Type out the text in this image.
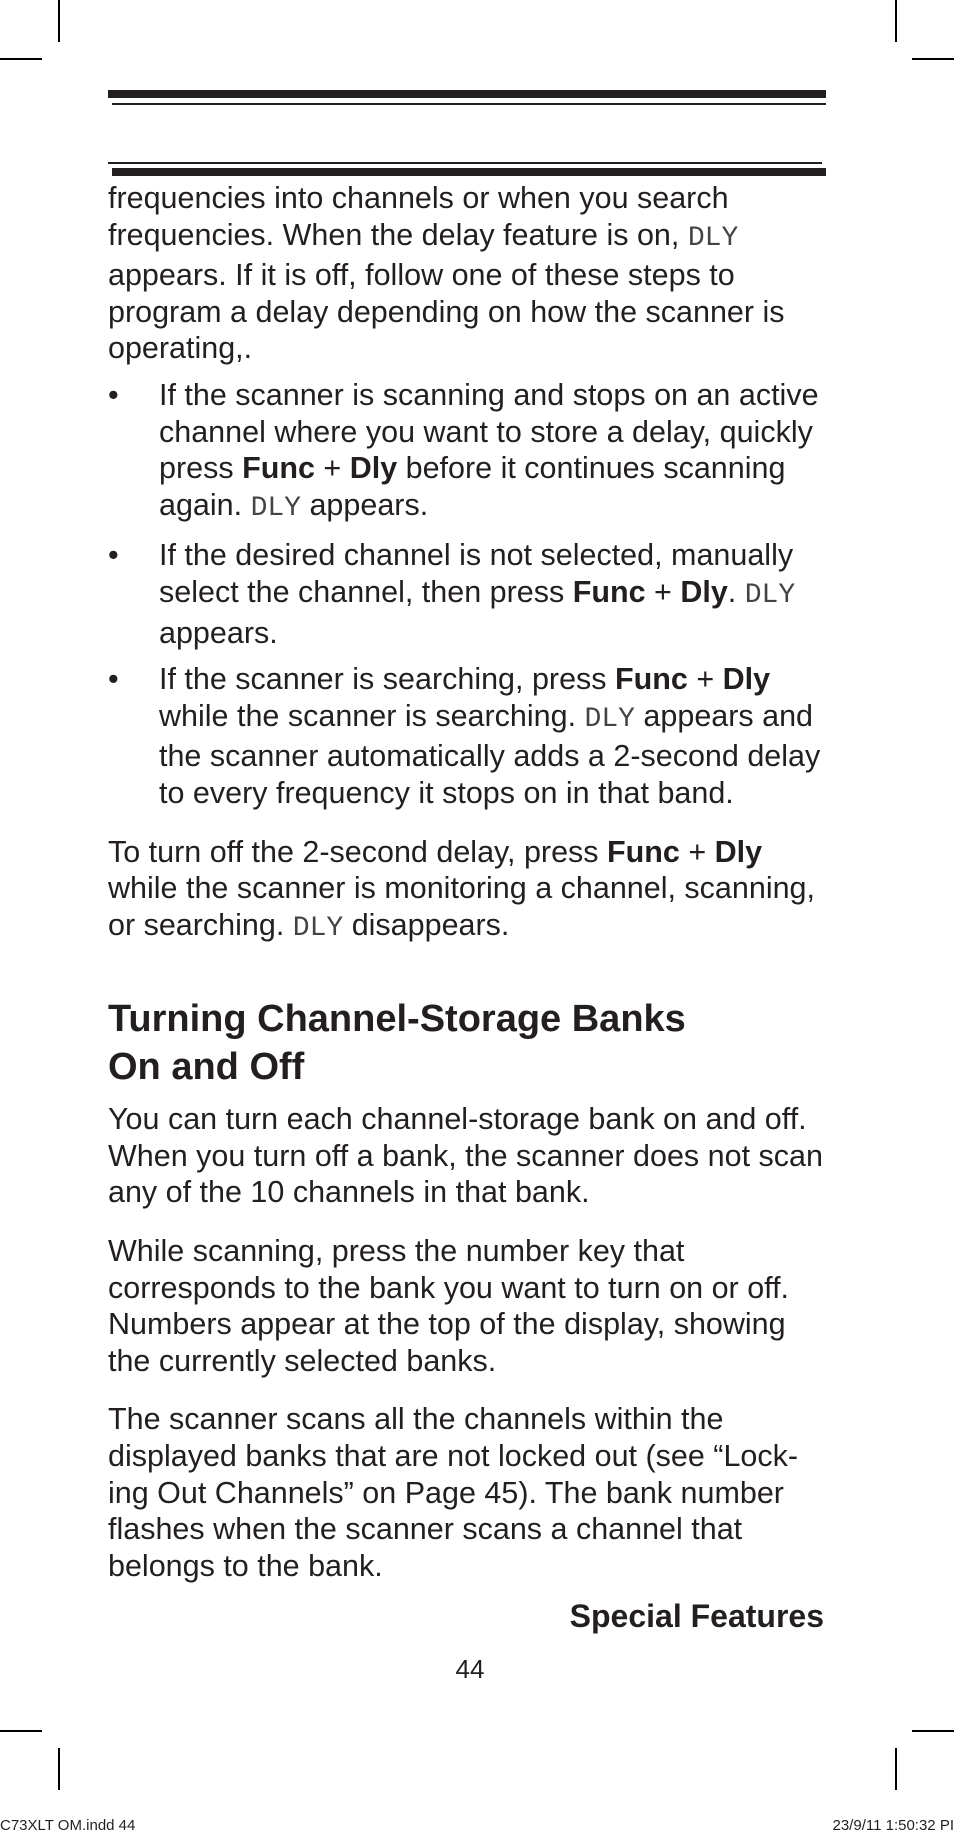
frequencies into channels or when you search frequencies. When the delay feature is on, DLY appears. If it is off, follow one of these steps to program a delay depending on how the scanner is operating,.

• If the scanner is scanning and stops on an active channel where you want to store a delay, quickly press Func + Dly before it continues scanning again. DLY appears.
• If the desired channel is not selected, manually select the channel, then press Func + Dly. DLY appears.
• If the scanner is searching, press Func + Dly while the scanner is searching. DLY appears and the scanner automatically adds a 2-second delay to every frequency it stops on in that band.

To turn off the 2-second delay, press Func + Dly while the scanner is monitoring a channel, scanning, or searching. DLY disappears.

Turning Channel-Storage Banks
On and Off

You can turn each channel-storage bank on and off. When you turn off a bank, the scanner does not scan any of the 10 channels in that bank.

While scanning, press the number key that corresponds to the bank you want to turn on or off. Numbers appear at the top of the display, showing the currently selected banks.

The scanner scans all the channels within the displayed banks that are not locked out (see “Lock-ing Out Channels” on Page 45). The bank number flashes when the scanner scans a channel that belongs to the bank.

Special Features
44
C73XLT OM.indd 44	23/9/11 1:50:32 PI
